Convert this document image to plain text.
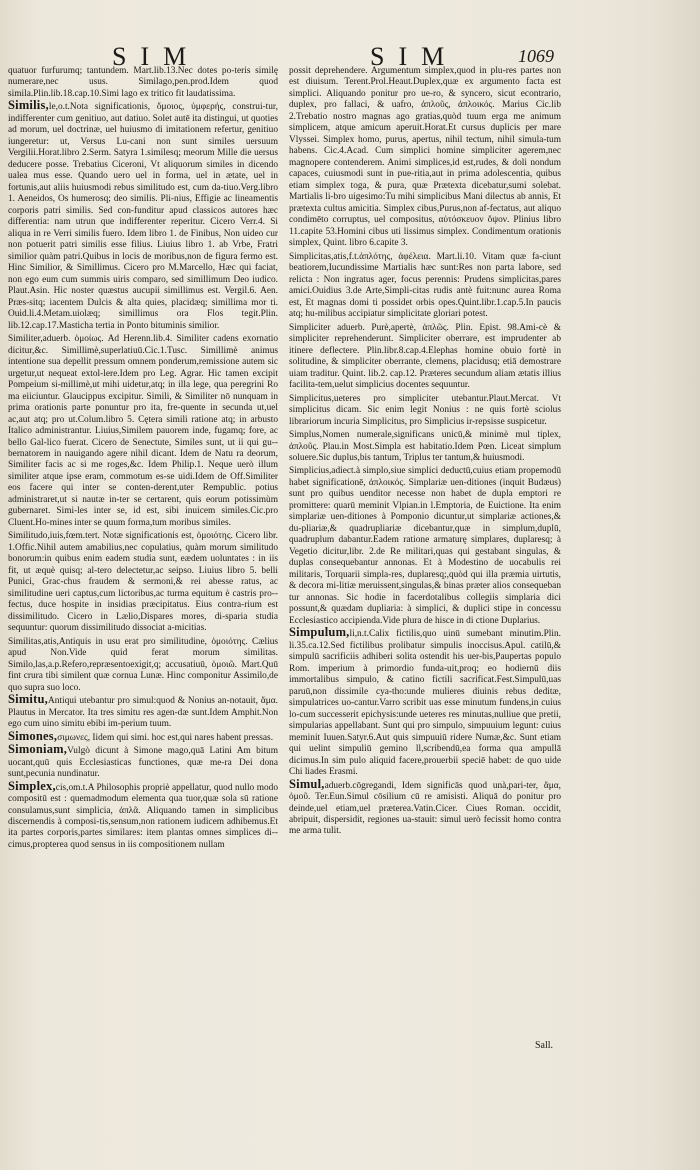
SIM	SIM	1069

quatuor furfurumq; tantundem. Mart.lib.13.Nec dotes po-teris similę numerare,nec usus. Similago,pen.prod.Idem quod simila.Plin.lib.18.cap.10.Simi lago ex tritico fit laudatissima.

Similis,le,o.t.Nota significationis, ὅμοιος, ὐμφερής, construi-tur, indifferenter cum genitiuo, aut datiuo. Solet autē ita distingui, ut quoties ad morum, uel doctrinæ, uel huiusmo di imitationem refertur, genitiuo iungeretur: ut, Versus Lu-cani non sunt similes uersuum Vergilii.Horat.libro 2.Serm. Satyra 1.similesq; meorum Mille die uersus deducere posse. Trebatius Ciceroni, Vt aliquorum similes in dicendo ualea mus esse. Quando uero uel in forma, uel in ætate, uel in fortunis,aut aliis huiusmodi rebus similitudo est, cum da-tiuo.Verg.libro 1. Aeneidos, Os humerosq; deo similis. Pli-nius, Effigie ac lineamentis corporis patri similis. Sed con-funditur apud classicos autores hæc differentia: nam utrun que indifferenter reperitur. Cicero Verr.4. Si aliqua in re Verri similis fuero. Idem libro 1. de Finibus, Non uideo cur non potuerit patri similis esse filius. Liuius libro 1. ab Vrbe, Fratri similior quàm patri.Quibus in locis de moribus,non de figura fermo est. Hinc Similior, & Simillimus. Cicero pro M.Marcello, Hæc qui faciat, non ego eum cum summis uiris comparo, sed simillimum Deo iudico. Plaut.Asin. Hic noster quæstus aucupii simillimus est. Vergil.6. Aen. Præs-sitq; iacentem Dulcis & alta quies, placidæq; simillima mor ti. Ouid.li.4.Metam.uiolæq; simillimus ora Flos tegit.Plin. lib.12.cap.17.Masticha tertia in Ponto bituminis similior.

Similiter,aduerb. ὁμοίως. Ad Herenn.lib.4. Similiter cadens exornatio dicitur,&c. Simillimè,superlatiuū.Cic.1.Tusc. Simillimè animus intentione sua depellit pressum omnem ponderum,remissione autem sic urgetur,ut nequeat extol-lere.Idem pro Leg. Agrar. Hic tamen excipit Pompeium si-millimè,ut mihi uidetur,atq; in illa lege, qua peregrini Ro ma eiiciuntur. Glaucippus excipitur. Simili, & Similiter nō nunquam in prima orationis parte ponuntur pro ita, fre-quente in secunda ut,uel ac,aut atq; pro ut.Colum.libro 5. Cętera simili ratione atq; in arbusto Italico administrantur. Liuius,Similem pauorem inde, fugamq; fore, ac bello Gal-lico fuerat. Cicero de Senectute, Similes sunt, ut ii qui gu-bernatorem in nauigando agere nihil dicant. Idem de Natu ra deorum, Similiter facis ac si me roges,&c. Idem Philip.1. Neque uerò illum similiter atque ipse eram, commotum es-se uidi.Idem de Off.Similiter eos facere qui inter se conten-derent,uter Rempublic. potius administraret,ut si nautæ in-ter se certarent, quis eorum potissimùm gubernaret. Simi-les inter se, id est, sibi inuicem similes.Cic.pro Cluent.Ho-mines inter se quum forma,tum moribus similes.

Similitudo,iuis,fœm.tert. Notæ significationis est, ὁμοιότης. Cicero libr. 1.Offic.Nihil autem amabilius,nec copulatius, quàm morum similitudo bonorum:in quibus enim eadem studia sunt, eædem uoluntates : in iis fit, ut æquè quisq; al-tero delectetur,ac seipso. Liuius libro 5. belli Punici, Grac-chus fraudem & sermoni,& rei abesse ratus, ac similitudine ueri captus,cum lictoribus,ac turma equitum è castris pro-fectus, duce hospite in insidias præcipitatus. Eius contra-rium est dissimilitudo. Cicero in Lælio,Dispares mores, di-sparia studia sequuntur: quorum dissimilitudo dissociat a-micitias.

Similitas,atis,Antiquis in usu erat pro similitudine, ὁμοιότης. Cælius apud Non.Vide quid ferat morum similitas. Similo,las,a.p.Refero,repræsentoexigit,q; accusatiuū, ὁμοιῶ. Mart.Quū fint crura tibi similent quæ cornua Lunæ. Hinc componitur Assimilo,de quo supra suo loco.

Simitu,Antiqui utebantur pro simul:quod & Nonius an-notauit, ἅμα. Plautus in Mercator. Ita tres simitu res agen-dæ sunt.Idem Amphit.Non ego cum uino simitu ebibi im-perium tuum.

Simones,σιμωνες, Iidem qui simi. hoc est,qui nares habent pressas.

Simoniam,Vulgò dicunt à Simone mago,quā Latini Am bitum uocant,quū quis Ecclesiasticas functiones, quæ me-ra Dei dona sunt,pecunia nundinatur.

Simplex,cis,om.t.A Philosophis propriè appellatur, quod nullo modo compositū est : quemadmodum elementa qua tuor,quæ sola sū ratione consulamus,sunt simplicia, ἁπλᾶ. Aliquando tamen in simplicibus discernendis à composi-tis,sensum,non rationem iudicem adhibemus.Et ita partes corporis,partes similares: item plantas omnes simplices di-cimus,propterea quod sensus in iis compositionem nullam

possit deprehendere. Argumentum simplex,quod in plu-res partes non est diuisum. Terent.Prol.Heaut.Duplex,quæ ex argumento facta est simplici. Aliquando ponitur pro ue-ro, & syncero, sicut econtrario, duplex, pro fallaci, & uafro, ἁπλοῦς, ἀπλοικός. Marius Cic.lib 2.Trebatio nostro magnas ago gratias,quòd tuum erga me animum simplicem, atque amicum aperuit.Horat.Et cursus duplicis per mare Vlyssei. Simplex homo, purus, apertus, nihil tectum, nihil simula-tum habens. Cic.4.Acad. Cum simplici homine simpliciter agerem,nec magnopere contenderem. Animi simplices,id est,rudes, & doli nondum capaces, cuiusmodi sunt in pue-ritia,aut in prima adolescentia, quibus etiam simplex toga, & pura, quæ Prætexta dicebatur,sumi solebat. Martialis li-bro uigesimo:Tu mihi simplicibus Mani dilectus ab annis, Et prætexta cultus amicitia. Simplex cibus,Purus,non af-fectatus, aut aliquo condimēto corruptus, uel compositus, αὐτόσκευον ὄψον. Plinius libro 11.capite 53.Homini cibus uti lissimus simplex. Condimentum orationis simplex, Quint. libro 6.capite 3.

Simplicitas,atis,f.t.ἁπλότης, ἀφέλεια. Mart.li.10. Vitam quæ fa-ciunt beatiorem,Iucundissime Martialis hæc sunt:Res non parta labore, sed relicta : Non ingratus ager, focus perennis: Prudens simplicitas,pares amici.Ouidius 3.de Arte,Simpli-citas rudis antè fuit:nunc aurea Roma est, Et magnas domi ti possidet orbis opes.Quint.libr.1.cap.5.In paucis atq; hu-milibus accipiatur simplicitate gloriari potest.

Simpliciter aduerb. Purè,apertè, ἁπλῶς. Plin. Epist. 98.Ami-cè & simpliciter reprehenderunt. Simpliciter oberrare, est imprudenter ab itinere deflectere. Plin.libr.8.cap.4.Elephas homine obuio fortè in solitudine, & simpliciter oberrante, clemens, placidusq; etiā demostrare uiam traditur. Quint. lib.2. cap.12. Præteres secundum aliam ætatis illius facilita-tem,uelut simplicius docentes sequuntur.

Simplicitus,ueteres pro simpliciter utebantur.Plaut.Mercat. Vt simplicitus dicam. Sic enim legit Nonius : ne quis fortè sciolus librariorum incuria Simplicitus, pro Simplicius ir-repsisse suspicetur.

Simplus,Nomen numerale,significans unicū,& minimè mul tiplex, ἁπλοῦς. Plau.in Most.Simpla est habitatio.Idem Pœn. Liceat simplum soluere.Sic duplus,bis tantum, Triplus ter tantum,& huiusmodi.

Simplicius,adiect.à simplo,siue simplici deductū,cuius etiam propemodū habet significationē, ἁπλοικός. Simplariæ uen-ditiones (inquit Budæus) sunt pro quibus uenditor necesse non habet de dupla emptori re promittere: quarū meminit Vlpian.in l.Emptoria, de Euictione. Ita enim simplariæ uen-ditiones à Pomponio dicuntur,ut simplariæ actiones,& du-pliariæ,& quadrupliariæ dicebantur,quæ in simplum,duplū, quadruplum dabantur.Eadem ratione armaturę simplares, duplaresq; à Vegetio dicitur,libr. 2.de Re militari,quas qui gestabant singulas, & duplas consequebantur annonas. Et à Modestino de uocabulis rei militaris, Torquarii simpla-res, duplaresq;,quòd qui illa præmia uirtutis, & decora mi-litiæ meruissent,singulas,& binas præter alios consequeban tur annonas. Sic hodie in facerdotalibus collegiis simplaria dici possunt,& quædam dupliaria: à simplici, & duplici stipe in concessu Ecclesiastico accipienda.Vide plura de hisce in di ctione Duplarius.

Simpulum,li,n.t.Calix fictilis,quo uinū sumebant minutim.Plin. li.35.ca.12.Sed fictilibus prolibatur simpulis inoccisus.Apul. catilū,& simpulū sacrificiis adhiberi solita ostendit his uer-bis,Paupertas populo Rom. imperium à primordio funda-uit,proq; eo hodiernū diis immortalibus simpulo, & catino fictili sacrificat.Fest.Simpulū,uas paruū,non dissimile cya-tho:unde mulieres diuinis rebus deditæ, simpulatrices uo-cantur.Varro scribit uas esse minutum fundens,in cuius lo-cum successerit epichysis:unde ueteres res minutas,nulliue que pretii, simpularias appellabant. Sunt qui pro simpulo, simpuuium legunt: cuius meminit Iuuen.Satyr.6.Aut quis simpuuiū ridere Numæ,&c. Sunt etiam qui uelint simpuliū gemino ll,scribendū,ea forma qua ampullā dicimus.In sim pulo aliquid facere,prouerbii speciē habet: de quo uide Chi liades Erasmi.

Simul,aduerb.cōgregandi, Idem significās quod unà,pari-ter, ἅμα, ὁμοῦ. Ter.Eun.Simul cōsilium cū re amisisti. Aliquā do ponitur pro deinde,uel etiam,uel præterea.Vatin.Cicer. Ciues Roman. occidit, abripuit, dispersidit, regiones ua-stauit: simul uerò fecissit homo contra me arma tulit.

Sall.
